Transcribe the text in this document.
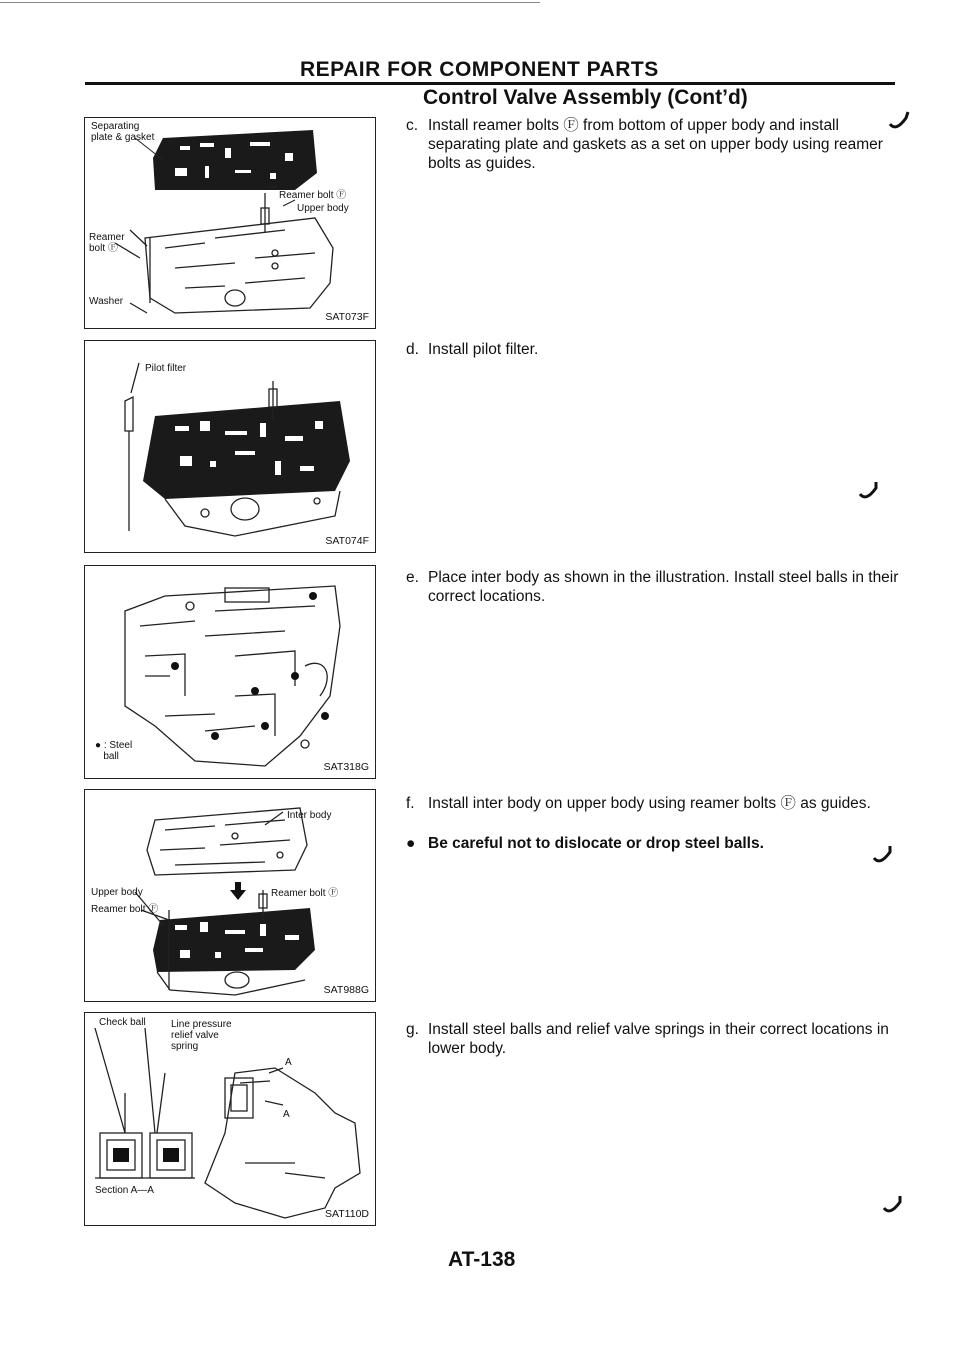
REPAIR FOR COMPONENT PARTS
Control Valve Assembly (Cont’d)
Separating
plate & gasket
Reamer bolt Ⓕ
Upper body
Reamer
bolt Ⓕ
Washer
SAT073F
Pilot filter
SAT074F
● : Steel
ball
SAT318G
Inter body
Upper body	Reamer bolt Ⓕ
Reamer bolt Ⓕ
SAT988G
Check ball	Line pressure
relief valve
spring
A
A
Section A—A
SAT110D
c. Install reamer bolts Ⓕ from bottom of upper body and install separating plate and gaskets as a set on upper body using reamer bolts as guides.
d. Install pilot filter.
e. Place inter body as shown in the illustration. Install steel balls in their correct locations.
f. Install inter body on upper body using reamer bolts Ⓕ as guides.
● Be careful not to dislocate or drop steel balls.
g. Install steel balls and relief valve springs in their correct locations in lower body.
AT-138
